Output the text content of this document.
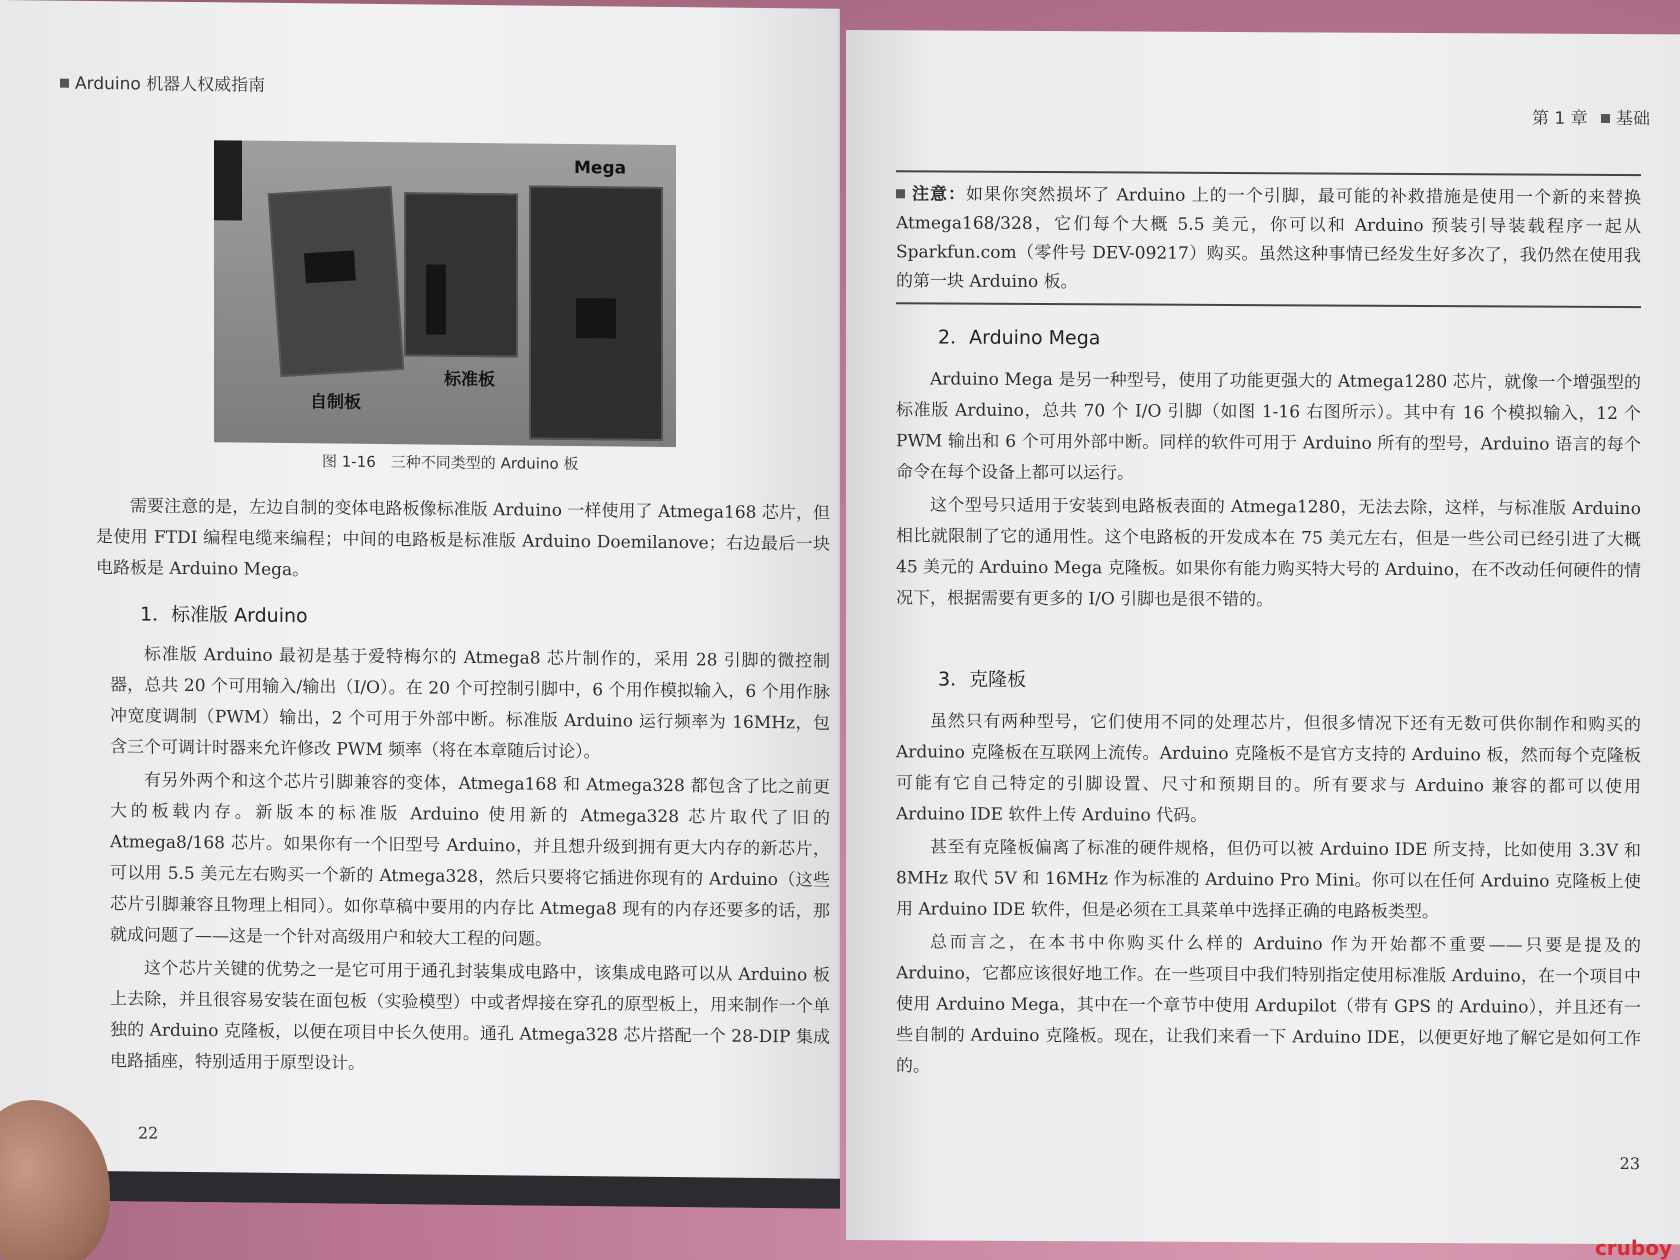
Arduino 机器人权威指南
Mega
标准板
自制板
图 1-16　三种不同类型的 Arduino 板

需要注意的是，左边自制的变体电路板像标准版 Arduino 一样使用了 Atmega168 芯片，但是使用 FTDI 编程电缆来编程；中间的电路板是标准版 Arduino Doemilanove；右边最后一块电路板是 Arduino Mega。

1．标准版 Arduino

标准版 Arduino 最初是基于爱特梅尔的 Atmega8 芯片制作的，采用 28 引脚的微控制器，总共 20 个可用输入/输出（I/O）。在 20 个可控制引脚中，6 个用作模拟输入，6 个用作脉冲宽度调制（PWM）输出，2 个可用于外部中断。标准版 Arduino 运行频率为 16MHz，包含三个可调计时器来允许修改 PWM 频率（将在本章随后讨论）。

有另外两个和这个芯片引脚兼容的变体，Atmega168 和 Atmega328 都包含了比之前更大的板载内存。新版本的标准版 Arduino 使用新的 Atmega328 芯片取代了旧的 Atmega8/168 芯片。如果你有一个旧型号 Arduino，并且想升级到拥有更大内存的新芯片，可以用 5.5 美元左右购买一个新的 Atmega328，然后只要将它插进你现有的 Arduino（这些芯片引脚兼容且物理上相同）。如你草稿中要用的内存比 Atmega8 现有的内存还要多的话，那就成问题了——这是一个针对高级用户和较大工程的问题。

这个芯片关键的优势之一是它可用于通孔封装集成电路中，该集成电路可以从 Arduino 板上去除，并且很容易安装在面包板（实验模型）中或者焊接在穿孔的原型板上，用来制作一个单独的 Arduino 克隆板，以便在项目中长久使用。通孔 Atmega328 芯片搭配一个 28-DIP 集成电路插座，特别适用于原型设计。

22
第 1 章 基础
注意：如果你突然损坏了 Arduino 上的一个引脚，最可能的补救措施是使用一个新的来替换 Atmega168/328，它们每个大概 5.5 美元，你可以和 Arduino 预装引导装载程序一起从 Sparkfun.com（零件号 DEV-09217）购买。虽然这种事情已经发生好多次了，我仍然在使用我的第一块 Arduino 板。
2．Arduino Mega

Arduino Mega 是另一种型号，使用了功能更强大的 Atmega1280 芯片，就像一个增强型的标准版 Arduino，总共 70 个 I/O 引脚（如图 1-16 右图所示）。其中有 16 个模拟输入，12 个 PWM 输出和 6 个可用外部中断。同样的软件可用于 Arduino 所有的型号，Arduino 语言的每个命令在每个设备上都可以运行。

这个型号只适用于安装到电路板表面的 Atmega1280，无法去除，这样，与标准版 Arduino 相比就限制了它的通用性。这个电路板的开发成本在 75 美元左右，但是一些公司已经引进了大概 45 美元的 Arduino Mega 克隆板。如果你有能力购买特大号的 Arduino，在不改动任何硬件的情况下，根据需要有更多的 I/O 引脚也是很不错的。

3．克隆板

虽然只有两种型号，它们使用不同的处理芯片，但很多情况下还有无数可供你制作和购买的 Arduino 克隆板在互联网上流传。Arduino 克隆板不是官方支持的 Arduino 板，然而每个克隆板可能有它自己特定的引脚设置、尺寸和预期目的。所有要求与 Arduino 兼容的都可以使用 Arduino IDE 软件上传 Arduino 代码。

甚至有克隆板偏离了标准的硬件规格，但仍可以被 Arduino IDE 所支持，比如使用 3.3V 和 8MHz 取代 5V 和 16MHz 作为标准的 Arduino Pro Mini。你可以在任何 Arduino 克隆板上使用 Arduino IDE 软件，但是必须在工具菜单中选择正确的电路板类型。

总而言之，在本书中你购买什么样的 Arduino 作为开始都不重要——只要是提及的 Arduino，它都应该很好地工作。在一些项目中我们特别指定使用标准版 Arduino，在一个项目中使用 Arduino Mega，其中在一个章节中使用 Ardupilot（带有 GPS 的 Arduino），并且还有一些自制的 Arduino 克隆板。现在，让我们来看一下 Arduino IDE，以便更好地了解它是如何工作的。

23
cruboy
